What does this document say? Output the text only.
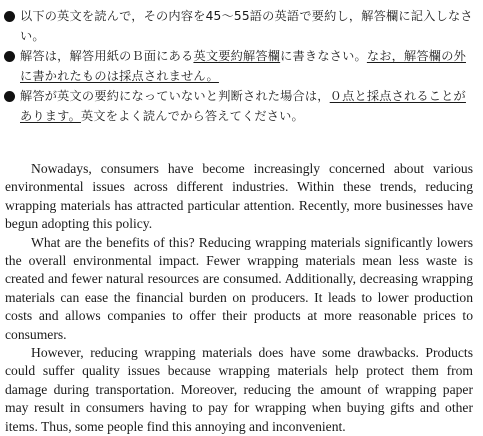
以下の英文を読んで，その内容を45～55語の英語で要約し，解答欄に記入しなさい。
解答は，解答用紙のＢ面にある英文要約解答欄に書きなさい。なお，解答欄の外に書かれたものは採点されません。
解答が英文の要約になっていないと判断された場合は，０点と採点されることがあります。英文をよく読んでから答えてください。

Nowadays, consumers have become increasingly concerned about various environmental issues across different industries. Within these trends, reducing wrapping materials has attracted particular attention. Recently, more businesses have begun adopting this policy.

What are the benefits of this? Reducing wrapping materials significantly lowers the overall environmental impact. Fewer wrapping materials mean less waste is created and fewer natural resources are consumed. Additionally, decreasing wrapping materials can ease the financial burden on producers. It leads to lower production costs and allows companies to offer their products at more reasonable prices to consumers.

However, reducing wrapping materials does have some drawbacks. Products could suffer quality issues because wrapping materials help protect them from damage during transportation. Moreover, reducing the amount of wrapping paper may result in consumers having to pay for wrapping when buying gifts and other items. Thus, some people find this annoying and inconvenient.
